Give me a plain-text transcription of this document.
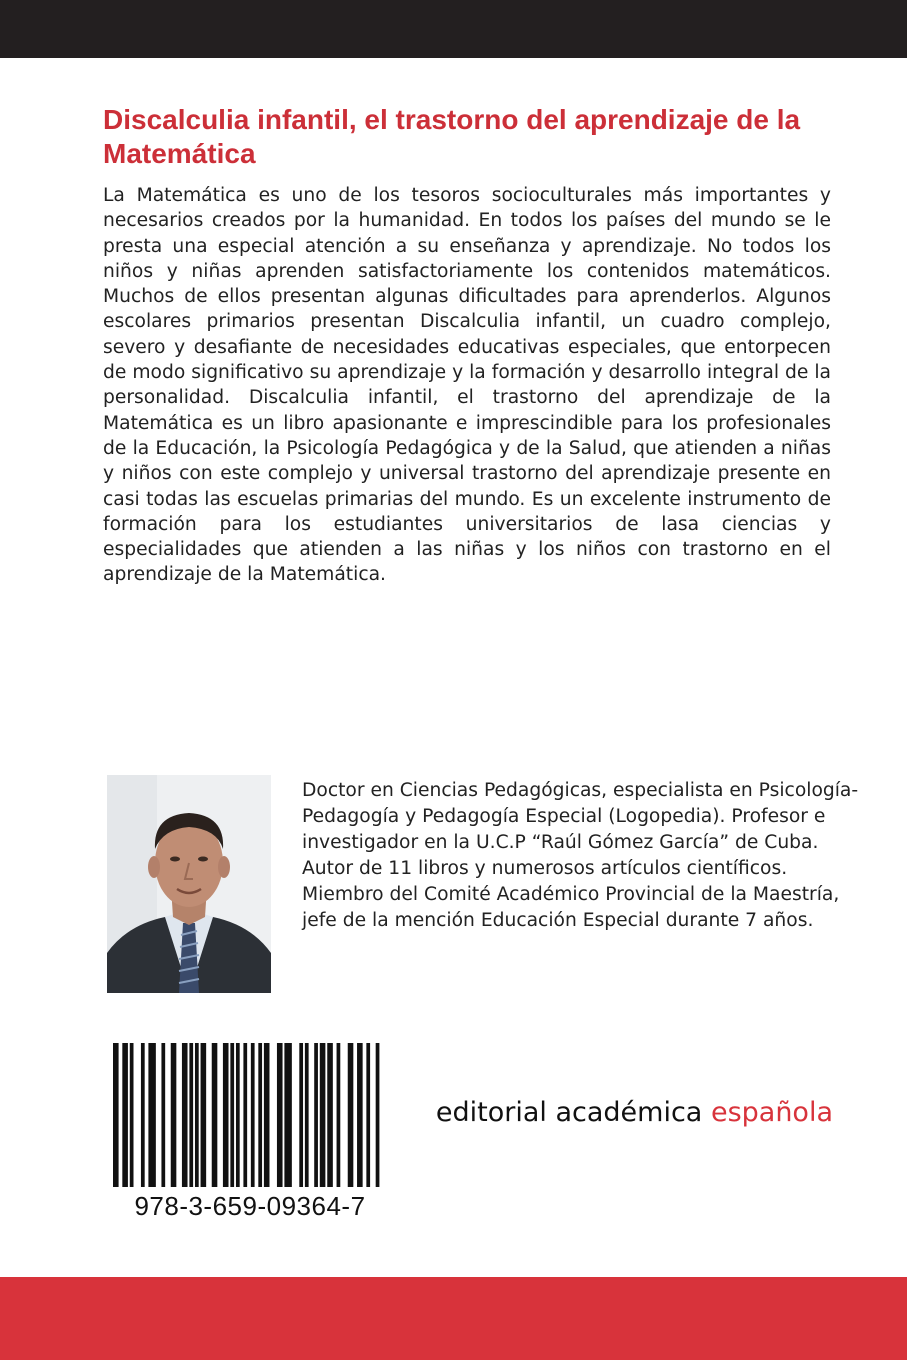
Discalculia infantil, el trastorno del aprendizaje de la Matemática

La Matemática es uno de los tesoros socioculturales más importantes y necesarios creados por la humanidad. En todos los países del mundo se le presta una especial atención a su enseñanza y aprendizaje. No todos los niños y niñas aprenden satisfactoriamente los contenidos matemáticos. Muchos de ellos presentan algunas dificultades para aprenderlos. Algunos escolares primarios presentan Discalculia infantil, un cuadro complejo, severo y desafiante de necesidades educativas especiales, que entorpecen de modo significativo su aprendizaje y la formación y desarrollo integral de la personalidad. Discalculia infantil, el trastorno del aprendizaje de la Matemática es un libro apasionante e imprescindible para los profesionales de la Educación, la Psicología Pedagógica y de la Salud, que atienden a niñas y niños con este complejo y universal trastorno del aprendizaje presente en casi todas las escuelas primarias del mundo. Es un excelente instrumento de formación para los estudiantes universitarios de lasa ciencias y especialidades que atienden a las niñas y los niños con trastorno en el aprendizaje de la Matemática.

Doctor en Ciencias Pedagógicas, especialista en Psicología-Pedagogía y Pedagogía Especial (Logopedia). Profesor e investigador en la U.C.P “Raúl Gómez García” de Cuba. Autor de 11 libros y numerosos artículos científicos. Miembro del Comité Académico Provincial de la Maestría, jefe de la mención Educación Especial durante 7 años.

978-3-659-09364-7
editorial académica española
